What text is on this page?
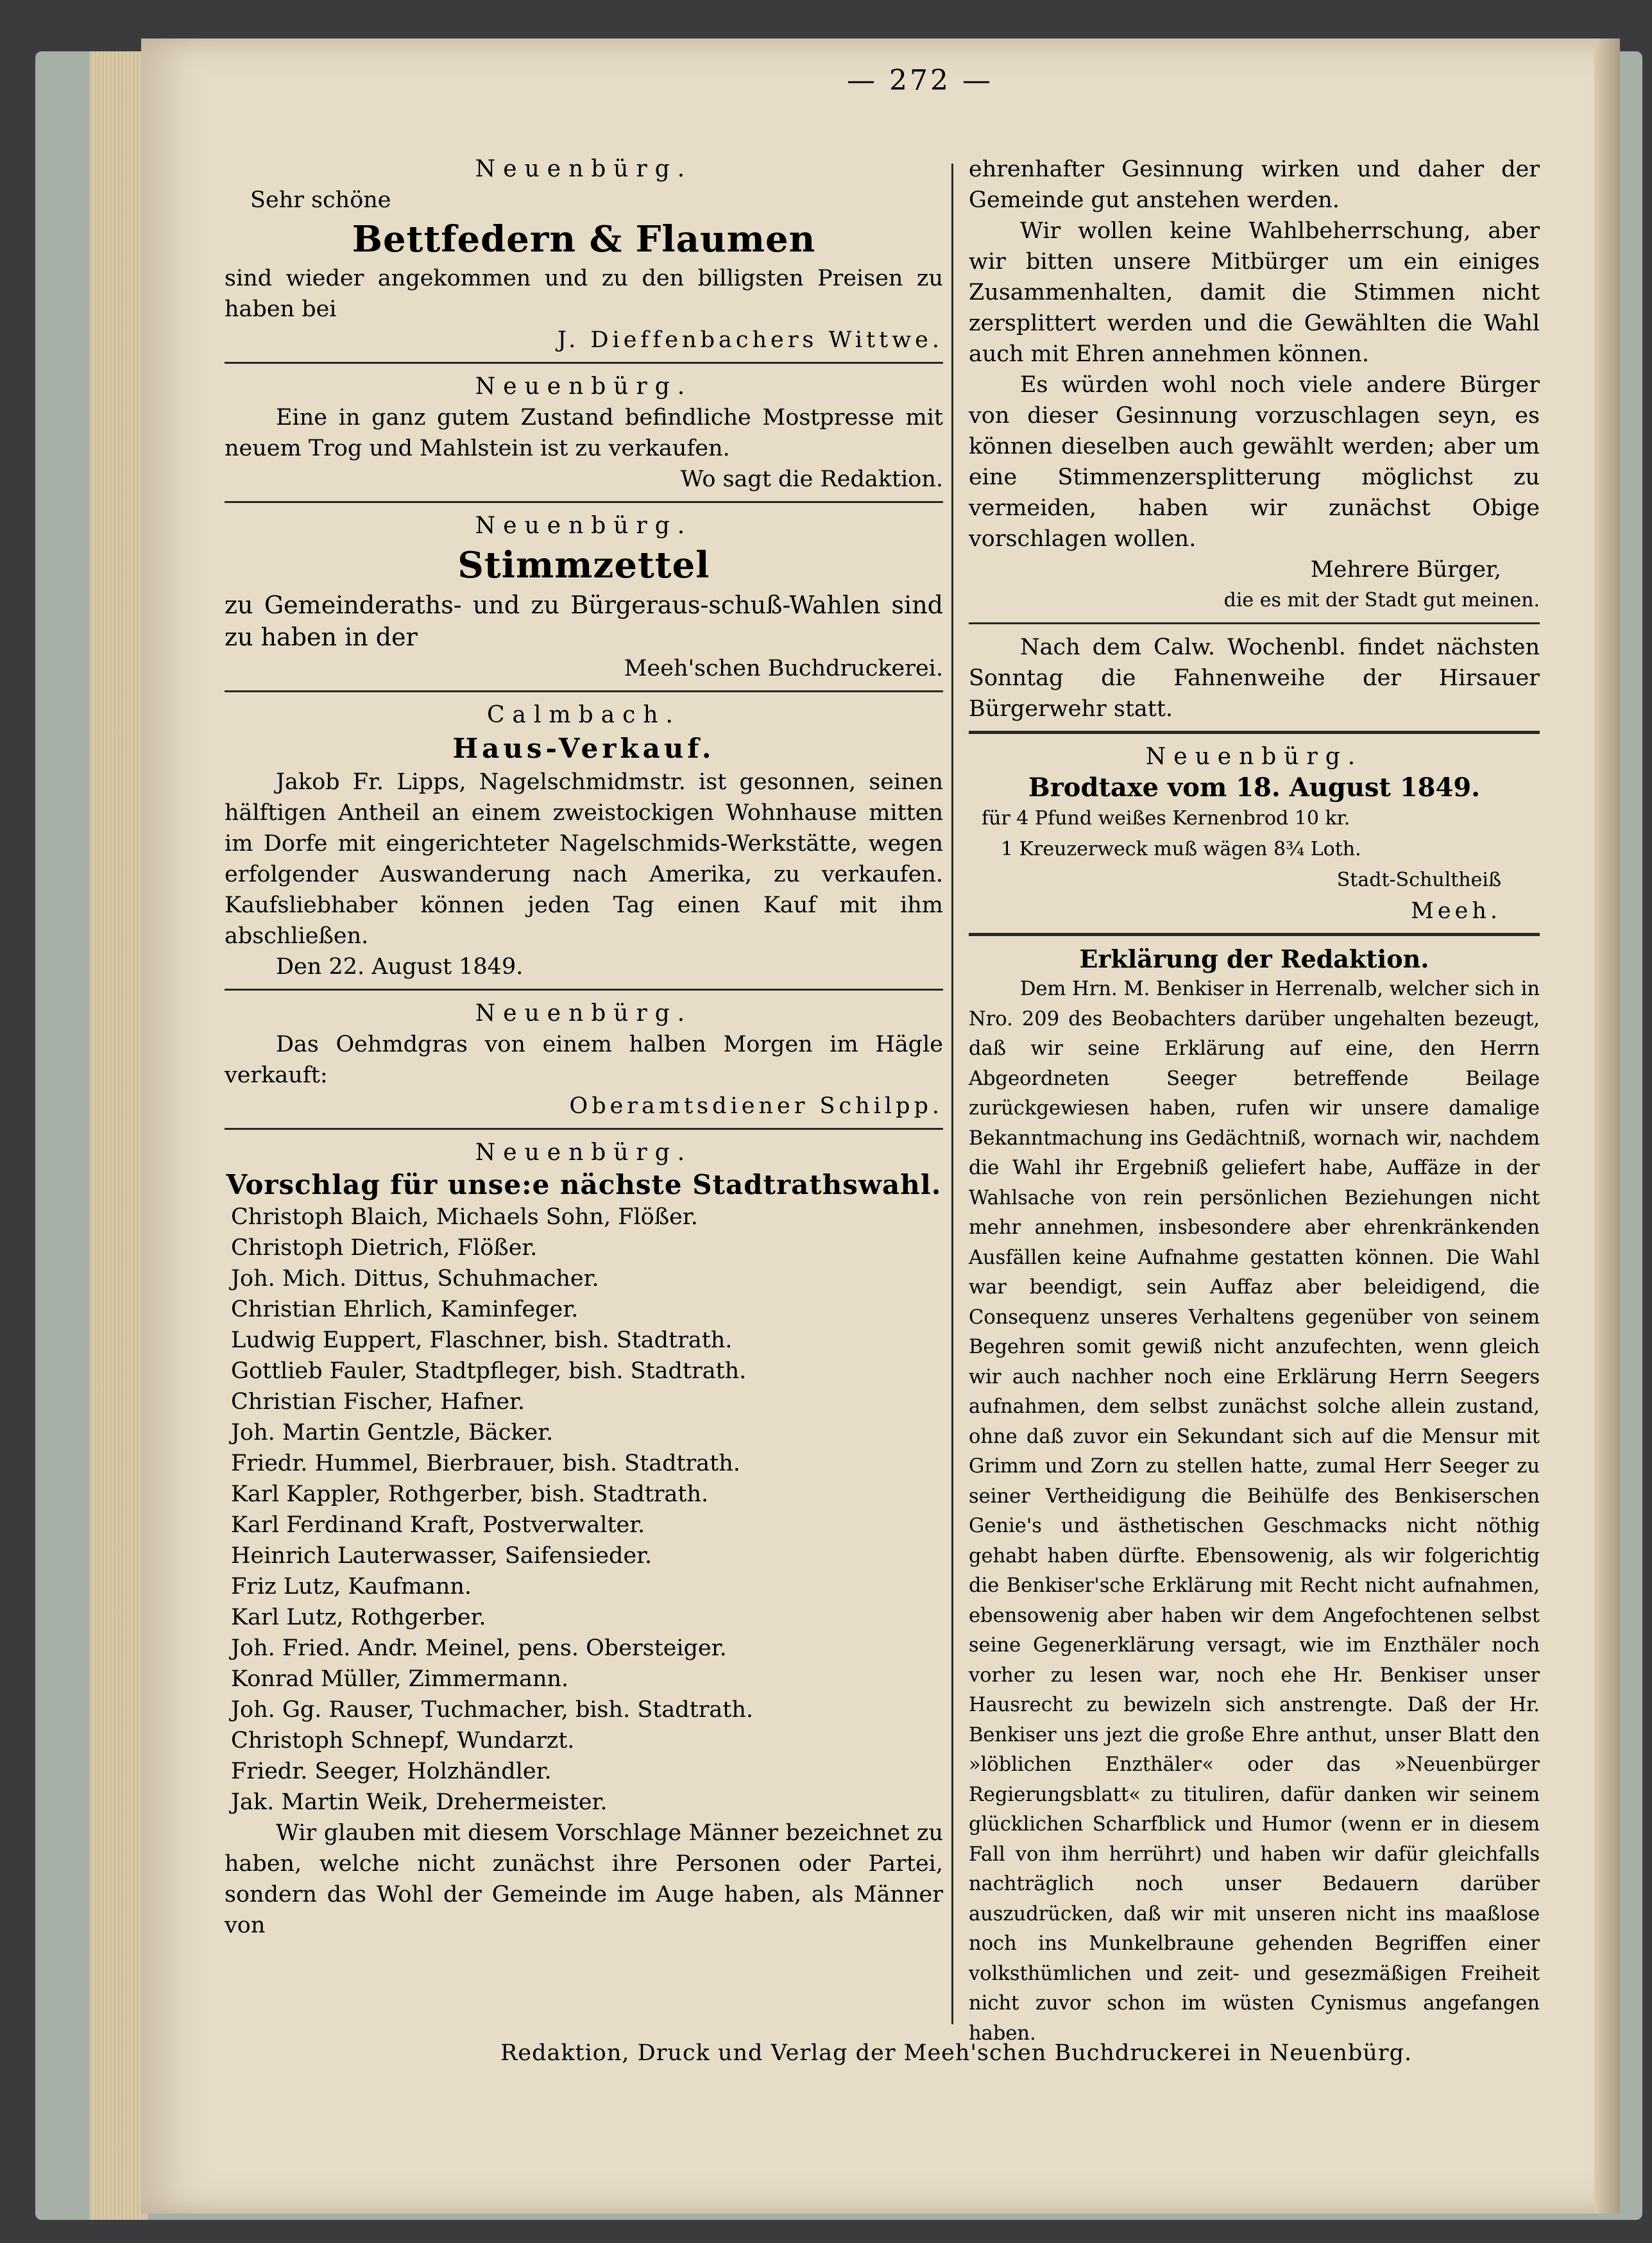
— 272 —
Neuenbürg.
Sehr schöne
Bettfedern & Flaumen
sind wieder angekommen und zu den billigsten Preisen zu haben bei
J. Dieffenbachers Wittwe.
Neuenbürg.
Eine in ganz gutem Zustand befindliche Mostpresse mit neuem Trog und Mahlstein ist zu verkaufen.
Wo sagt die Redaktion.
Neuenbürg.
Stimmzettel
zu Gemeinderaths- und zu Bürgeraus-schuß-Wahlen sind zu haben in der
Meeh'schen Buchdruckerei.
Calmbach.
Haus-Verkauf.
Jakob Fr. Lipps, Nagelschmidmstr. ist gesonnen, seinen hälftigen Antheil an einem zweistockigen Wohnhause mitten im Dorfe mit eingerichteter Nagelschmids-Werkstätte, wegen erfolgender Auswanderung nach Amerika, zu verkaufen. Kaufsliebhaber können jeden Tag einen Kauf mit ihm abschließen.
Den 22. August 1849.
Neuenbürg.
Das Oehmdgras von einem halben Morgen im Hägle verkauft:
Oberamtsdiener Schilpp.
Neuenbürg.
Vorschlag für unse:e nächste Stadtrathswahl.
Christoph Blaich, Michaels Sohn, Flößer.
Christoph Dietrich, Flößer.
Joh. Mich. Dittus, Schuhmacher.
Christian Ehrlich, Kaminfeger.
Ludwig Euppert, Flaschner, bish. Stadtrath.
Gottlieb Fauler, Stadtpfleger, bish. Stadtrath.
Christian Fischer, Hafner.
Joh. Martin Gentzle, Bäcker.
Friedr. Hummel, Bierbrauer, bish. Stadtrath.
Karl Kappler, Rothgerber, bish. Stadtrath.
Karl Ferdinand Kraft, Postverwalter.
Heinrich Lauterwasser, Saifensieder.
Friz Lutz, Kaufmann.
Karl Lutz, Rothgerber.
Joh. Fried. Andr. Meinel, pens. Obersteiger.
Konrad Müller, Zimmermann.
Joh. Gg. Rauser, Tuchmacher, bish. Stadtrath.
Christoph Schnepf, Wundarzt.
Friedr. Seeger, Holzhändler.
Jak. Martin Weik, Drehermeister.
Wir glauben mit diesem Vorschlage Männer bezeichnet zu haben, welche nicht zunächst ihre Personen oder Partei, sondern das Wohl der Gemeinde im Auge haben, als Männer von
ehrenhafter Gesinnung wirken und daher der Gemeinde gut anstehen werden.
Wir wollen keine Wahlbeherrschung, aber wir bitten unsere Mitbürger um ein einiges Zusammenhalten, damit die Stimmen nicht zersplittert werden und die Gewählten die Wahl auch mit Ehren annehmen können.
Es würden wohl noch viele andere Bürger von dieser Gesinnung vorzuschlagen seyn, es können dieselben auch gewählt werden; aber um eine Stimmenzersplitterung möglichst zu vermeiden, haben wir zunächst Obige vorschlagen wollen.
Mehrere Bürger,
die es mit der Stadt gut meinen.
Nach dem Calw. Wochenbl. findet nächsten Sonntag die Fahnenweihe der Hirsauer Bürgerwehr statt.
Neuenbürg.
Brodtaxe vom 18. August 1849.
für 4 Pfund weißes Kernenbrod 10 kr.
1 Kreuzerweck muß wägen 8¾ Loth.
Stadt-Schultheiß
Meeh.
Erklärung der Redaktion.
Dem Hrn. M. Benkiser in Herrenalb, welcher sich in Nro. 209 des Beobachters darüber ungehalten bezeugt, daß wir seine Erklärung auf eine, den Herrn Abgeordneten Seeger betreffende Beilage zurückgewiesen haben, rufen wir unsere damalige Bekanntmachung ins Gedächtniß, wornach wir, nachdem die Wahl ihr Ergebniß geliefert habe, Auffäze in der Wahlsache von rein persönlichen Beziehungen nicht mehr annehmen, insbesondere aber ehrenkränkenden Ausfällen keine Aufnahme gestatten können. Die Wahl war beendigt, sein Auffaz aber beleidigend, die Consequenz unseres Verhaltens gegenüber von seinem Begehren somit gewiß nicht anzufechten, wenn gleich wir auch nachher noch eine Erklärung Herrn Seegers aufnahmen, dem selbst zunächst solche allein zustand, ohne daß zuvor ein Sekundant sich auf die Mensur mit Grimm und Zorn zu stellen hatte, zumal Herr Seeger zu seiner Vertheidigung die Beihülfe des Benkiserschen Genie's und ästhetischen Geschmacks nicht nöthig gehabt haben dürfte. Ebensowenig, als wir folgerichtig die Benkiser'sche Erklärung mit Recht nicht aufnahmen, ebensowenig aber haben wir dem Angefochtenen selbst seine Gegenerklärung versagt, wie im Enzthäler noch vorher zu lesen war, noch ehe Hr. Benkiser unser Hausrecht zu bewizeln sich anstrengte. Daß der Hr. Benkiser uns jezt die große Ehre anthut, unser Blatt den »löblichen Enzthäler« oder das »Neuenbürger Regierungsblatt« zu tituliren, dafür danken wir seinem glücklichen Scharfblick und Humor (wenn er in diesem Fall von ihm herrührt) und haben wir dafür gleichfalls nachträglich noch unser Bedauern darüber auszudrücken, daß wir mit unseren nicht ins maaßlose noch ins Munkelbraune gehenden Begriffen einer volksthümlichen und zeit- und gesezmäßigen Freiheit nicht zuvor schon im wüsten Cynismus angefangen haben.
Redaktion, Druck und Verlag der Meeh'schen Buchdruckerei in Neuenbürg.
